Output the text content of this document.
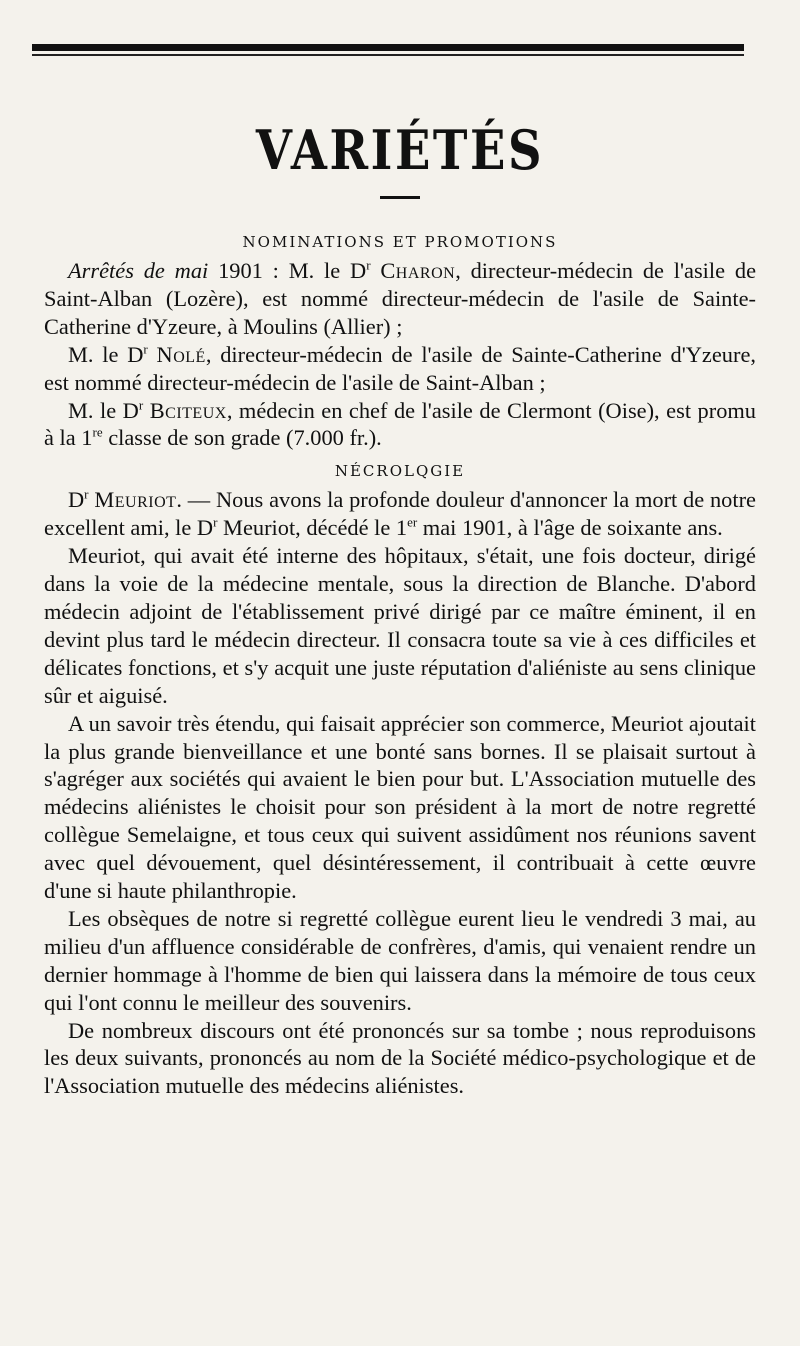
VARIÉTÉS
NOMINATIONS ET PROMOTIONS

Arrêtés de mai 1901 : M. le $D^r$ Charon, directeur-médecin de l'asile de Saint-Alban (Lozère), est nommé directeur-médecin de l'asile de Sainte-Catherine d'Yzeure, à Moulins (Allier) ;

M. le $D^r$ Nolé, directeur-médecin de l'asile de Sainte-Catherine d'Yzeure, est nommé directeur-médecin de l'asile de Saint-Alban ;

M. le $D^r$ Bciteux, médecin en chef de l'asile de Clermont (Oise), est promu à la 1re classe de son grade (7.000 fr.).

NÉCROLQGIE

$D^r$ Meuriot. — Nous avons la profonde douleur d'annoncer la mort de notre excellent ami, le $D^r$ Meuriot, décédé le 1er mai 1901, à l'âge de soixante ans.

Meuriot, qui avait été interne des hôpitaux, s'était, une fois docteur, dirigé dans la voie de la médecine mentale, sous la direction de Blanche. D'abord médecin adjoint de l'établissement privé dirigé par ce maître éminent, il en devint plus tard le médecin directeur. Il consacra toute sa vie à ces difficiles et délicates fonctions, et s'y acquit une juste réputation d'aliéniste au sens clinique sûr et aiguisé.

A un savoir très étendu, qui faisait apprécier son commerce, Meuriot ajoutait la plus grande bienveillance et une bonté sans bornes. Il se plaisait surtout à s'agréger aux sociétés qui avaient le bien pour but. L'Association mutuelle des médecins aliénistes le choisit pour son président à la mort de notre regretté collègue Semelaigne, et tous ceux qui suivent assidûment nos réunions savent avec quel dévouement, quel désintéressement, il contribuait à cette œuvre d'une si haute philanthropie.

Les obsèques de notre si regretté collègue eurent lieu le vendredi 3 mai, au milieu d'un affluence considérable de confrères, d'amis, qui venaient rendre un dernier hommage à l'homme de bien qui laissera dans la mémoire de tous ceux qui l'ont connu le meilleur des souvenirs.

De nombreux discours ont été prononcés sur sa tombe ; nous reproduisons les deux suivants, prononcés au nom de la Société médico-psychologique et de l'Association mutuelle des médecins aliénistes.
